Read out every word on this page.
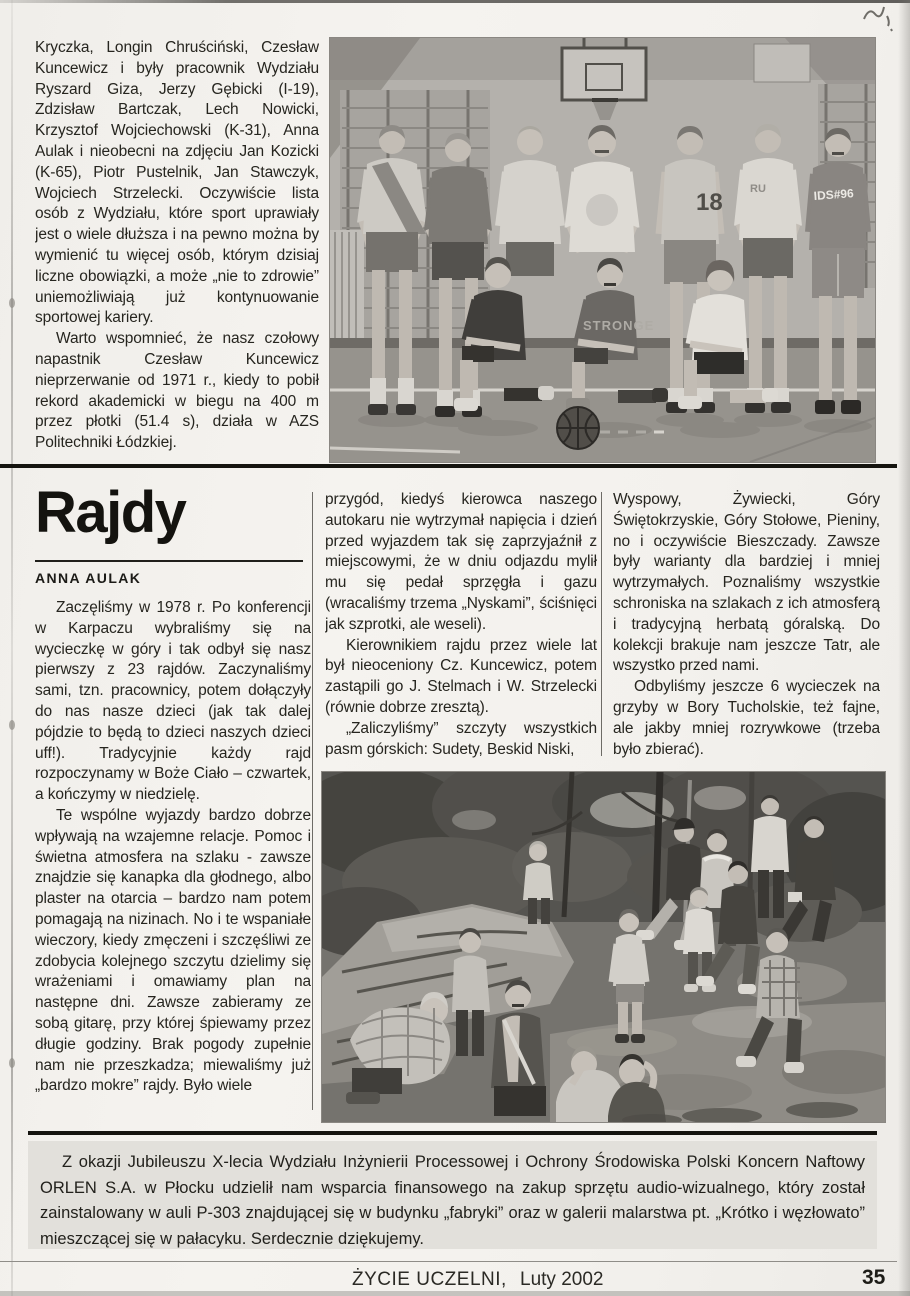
Kryczka, Longin Chruściński, Czesław Kuncewicz i były pracownik Wydziału Ryszard Giza, Jerzy Gębicki (I-19), Zdzisław Bartczak, Lech Nowicki, Krzysztof Wojciechowski (K-31), Anna Aulak i nieobecni na zdjęciu Jan Kozicki (K-65), Piotr Pustelnik, Jan Stawczyk, Wojciech Strzelecki. Oczywiście lista osób z Wydziału, które sport uprawiały jest o wiele dłuższa i na pewno można by wymienić tu więcej osób, którym dzisiaj liczne obowiązki, a może „nie to zdrowie” uniemożliwiają już kontynuowanie sportowej kariery.

Warto wspomnieć, że nasz czołowy napastnik Czesław Kuncewicz nieprzerwanie od 1971 r., kiedy to pobił rekord akademicki w biegu na 400 m przez płotki (51.4 s), działa w AZS Politechniki Łódzkiej.

18 RU	IDS#96
STRONGE
Rajdy
ANNA AULAK

Zaczęliśmy w 1978 r. Po konferencji w Karpaczu wybraliśmy się na wycieczkę w góry i tak odbył się nasz pierwszy z 23 rajdów. Zaczynaliśmy sami, tzn. pracownicy, potem dołączyły do nas nasze dzieci (jak tak dalej pójdzie to będą to dzieci naszych dzieci uff!). Tradycyjnie każdy rajd rozpoczynamy w Boże Ciało – czwartek, a kończymy w niedzielę.

Te wspólne wyjazdy bardzo dobrze wpływają na wzajemne relacje. Pomoc i świetna atmosfera na szlaku - zawsze znajdzie się kanapka dla głodnego, albo plaster na otarcia – bardzo nam potem pomagają na nizinach. No i te wspaniałe wieczory, kiedy zmęczeni i szczęśliwi ze zdobycia kolejnego szczytu dzielimy się wrażeniami i omawiamy plan na następne dni. Zawsze zabieramy ze sobą gitarę, przy której śpiewamy przez długie godziny. Brak pogody zupełnie nam nie przeszkadza; miewaliśmy już „bardzo mokre” rajdy. Było wiele

przygód, kiedyś kierowca naszego autokaru nie wytrzymał napięcia i dzień przed wyjazdem tak się zaprzyjaźnił z miejscowymi, że w dniu odjazdu mylił mu się pedał sprzęgła i gazu (wracaliśmy trzema „Nyskami”, ściśnięci jak szprotki, ale weseli).

Kierownikiem rajdu przez wiele lat był nieoceniony Cz. Kuncewicz, potem zastąpili go J. Stelmach i W. Strzelecki (równie dobrze zresztą).

„Zaliczyliśmy” szczyty wszystkich pasm górskich: Sudety, Beskid Niski,

Wyspowy, Żywiecki, Góry Świętokrzyskie, Góry Stołowe, Pieniny, no i oczywiście Bieszczady. Zawsze były warianty dla bardziej i mniej wytrzymałych. Poznaliśmy wszystkie schroniska na szlakach z ich atmosferą i tradycyjną herbatą góralską. Do kolekcji brakuje nam jeszcze Tatr, ale wszystko przed nami.

Odbyliśmy jeszcze 6 wycieczek na grzyby w Bory Tucholskie, też fajne, ale jakby mniej rozrywkowe (trzeba było zbierać).

Z okazji Jubileuszu X-lecia Wydziału Inżynierii Processowej i Ochrony Środowiska Polski Koncern Naftowy ORLEN S.A. w Płocku udzielił nam wsparcia finansowego na zakup sprzętu audio-wizualnego, który został zainstalowany w auli P-303 znajdującej się w budynku „fabryki” oraz w galerii malarstwa pt. „Krótko i węzłowato” mieszczącej się w pałacyku. Serdecznie dziękujemy.

ŻYCIE UCZELNI, Luty 2002	35
